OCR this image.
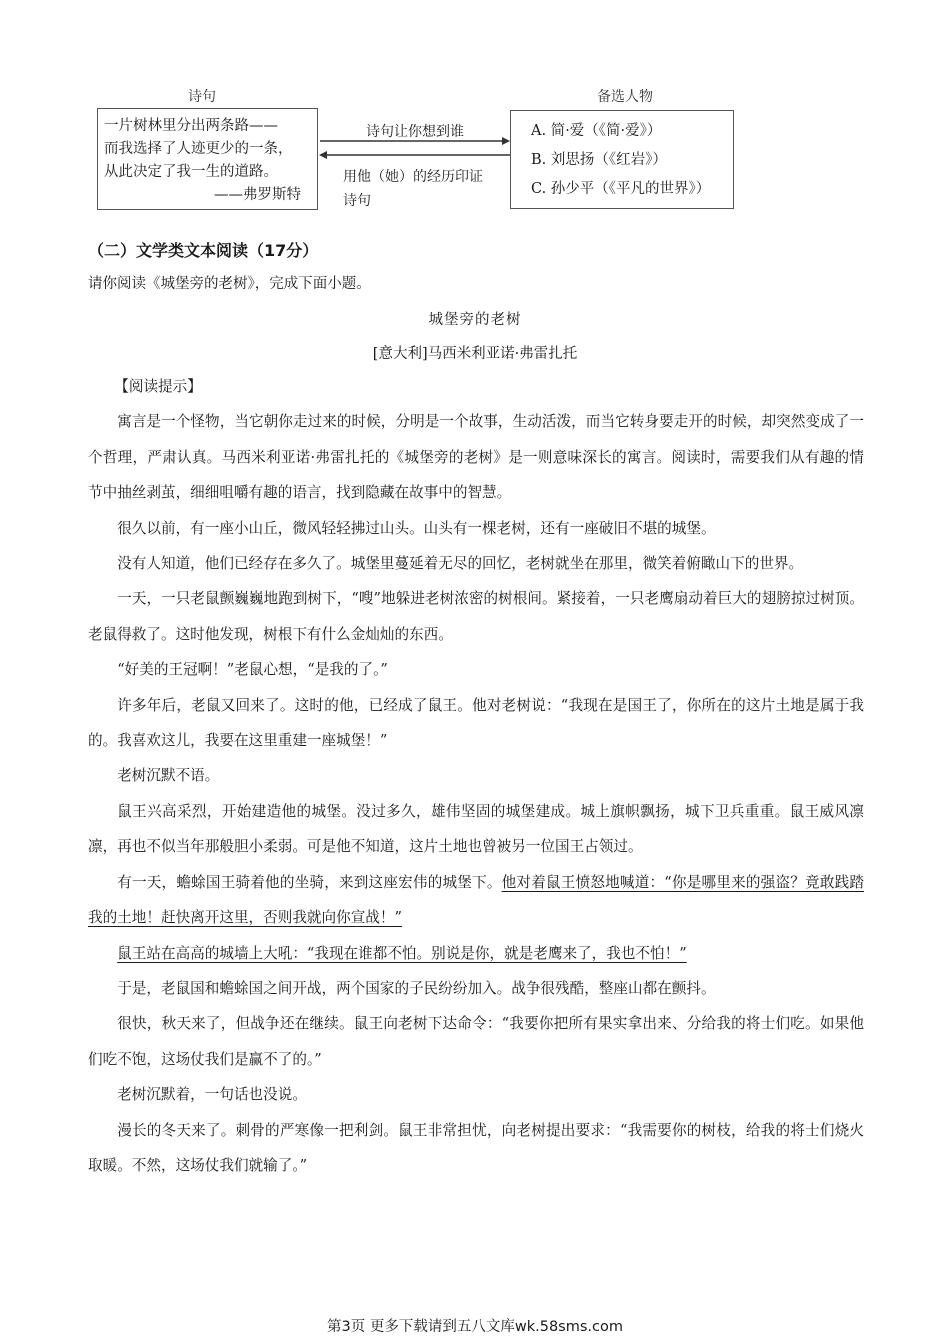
诗句	备选人物
一片树林里分出两条路——
而我选择了人迹更少的一条，
从此决定了我一生的道路。
——弗罗斯特
A. 简·爱（《简·爱》）
B. 刘思扬（《红岩》）
C. 孙少平（《平凡的世界》）
诗句让你想到谁
用他（她）的经历印证
诗句
（二）文学类文本阅读（17分）
请你阅读《城堡旁的老树》，完成下面小题。
城堡旁的老树
[意大利]马西米利亚诺·弗雷扎托

【阅读提示】

寓言是一个怪物，当它朝你走过来的时候，分明是一个故事，生动活泼，而当它转身要走开的时候，却突然变成了一个哲理，严肃认真。马西米利亚诺·弗雷扎托的《城堡旁的老树》是一则意味深长的寓言。阅读时，需要我们从有趣的情节中抽丝剥茧，细细咀嚼有趣的语言，找到隐藏在故事中的智慧。

很久以前，有一座小山丘，微风轻轻拂过山头。山头有一棵老树，还有一座破旧不堪的城堡。

没有人知道，他们已经存在多久了。城堡里蔓延着无尽的回忆，老树就坐在那里，微笑着俯瞰山下的世界。

一天，一只老鼠颤巍巍地跑到树下，“嗖”地躲进老树浓密的树根间。紧接着，一只老鹰扇动着巨大的翅膀掠过树顶。老鼠得救了。这时他发现，树根下有什么金灿灿的东西。

“好美的王冠啊！”老鼠心想，“是我的了。”

许多年后，老鼠又回来了。这时的他，已经成了鼠王。他对老树说：“我现在是国王了，你所在的这片土地是属于我的。我喜欢这儿，我要在这里重建一座城堡！”

老树沉默不语。

鼠王兴高采烈，开始建造他的城堡。没过多久，雄伟坚固的城堡建成。城上旗帜飘扬，城下卫兵重重。鼠王威风凛凛，再也不似当年那般胆小柔弱。可是他不知道，这片土地也曾被另一位国王占领过。

有一天，蟾蜍国王骑着他的坐骑，来到这座宏伟的城堡下。他对着鼠王愤怒地喊道：“你是哪里来的强盗？竟敢践踏我的土地！赶快离开这里，否则我就向你宣战！”

鼠王站在高高的城墙上大吼：“我现在谁都不怕。别说是你，就是老鹰来了，我也不怕！”

于是，老鼠国和蟾蜍国之间开战，两个国家的子民纷纷加入。战争很残酷，整座山都在颤抖。

很快，秋天来了，但战争还在继续。鼠王向老树下达命令：“我要你把所有果实拿出来、分给我的将士们吃。如果他们吃不饱，这场仗我们是赢不了的。”

老树沉默着，一句话也没说。

漫长的冬天来了。刺骨的严寒像一把利剑。鼠王非常担忧，向老树提出要求：“我需要你的树枝，给我的将士们烧火取暖。不然，这场仗我们就输了。”

第3页 更多下载请到五八文库wk.58sms.com
